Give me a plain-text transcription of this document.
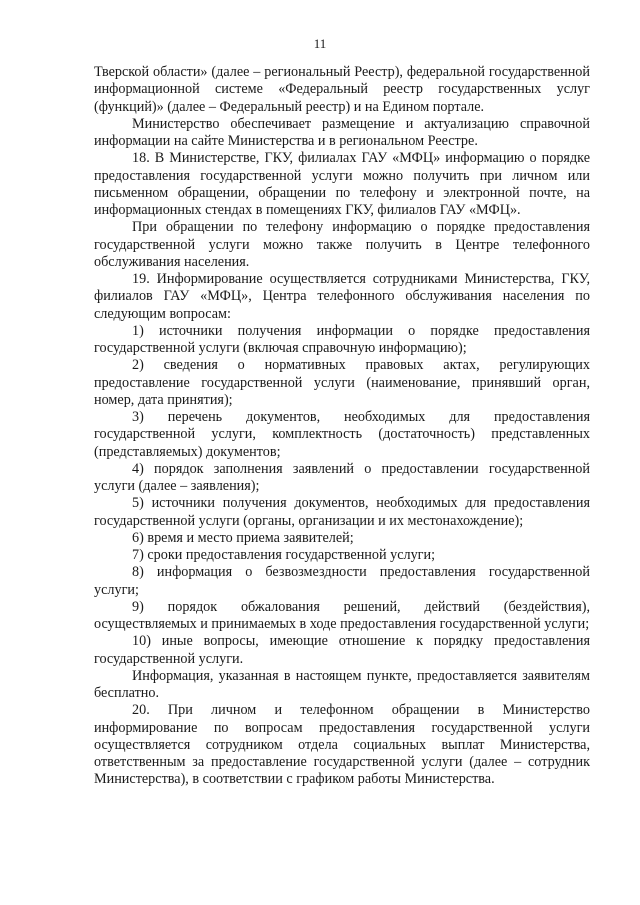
11

Тверской области» (далее – региональный Реестр), федеральной государственной информационной системе «Федеральный реестр государственных услуг (функций)» (далее – Федеральный реестр) и на Едином портале.

Министерство обеспечивает размещение и актуализацию справочной информации на сайте Министерства и в региональном Реестре.

18. В Министерстве, ГКУ, филиалах ГАУ «МФЦ» информацию о порядке предоставления государственной услуги можно получить при личном или письменном обращении, обращении по телефону и электронной почте, на информационных стендах в помещениях ГКУ, филиалов ГАУ «МФЦ».

При обращении по телефону информацию о порядке предоставления государственной услуги можно также получить в Центре телефонного обслуживания населения.

19. Информирование осуществляется сотрудниками Министерства, ГКУ, филиалов ГАУ «МФЦ», Центра телефонного обслуживания населения по следующим вопросам:

1) источники получения информации о порядке предоставления государственной услуги (включая справочную информацию);

2) сведения о нормативных правовых актах, регулирующих предоставление государственной услуги (наименование, принявший орган, номер, дата принятия);

3) перечень документов, необходимых для предоставления государственной услуги, комплектность (достаточность) представленных (представляемых) документов;

4) порядок заполнения заявлений о предоставлении государственной услуги (далее – заявления);

5) источники получения документов, необходимых для предоставления государственной услуги (органы, организации и их местонахождение);

6) время и место приема заявителей;

7) сроки предоставления государственной услуги;

8) информация о безвозмездности предоставления государственной услуги;

9) порядок обжалования решений, действий (бездействия), осуществляемых и принимаемых в ходе предоставления государственной услуги;

10) иные вопросы, имеющие отношение к порядку предоставления государственной услуги.

Информация, указанная в настоящем пункте, предоставляется заявителям бесплатно.

20. При личном и телефонном обращении в Министерство информирование по вопросам предоставления государственной услуги осуществляется сотрудником отдела социальных выплат Министерства, ответственным за предоставление государственной услуги (далее – сотрудник Министерства), в соответствии с графиком работы Министерства.
